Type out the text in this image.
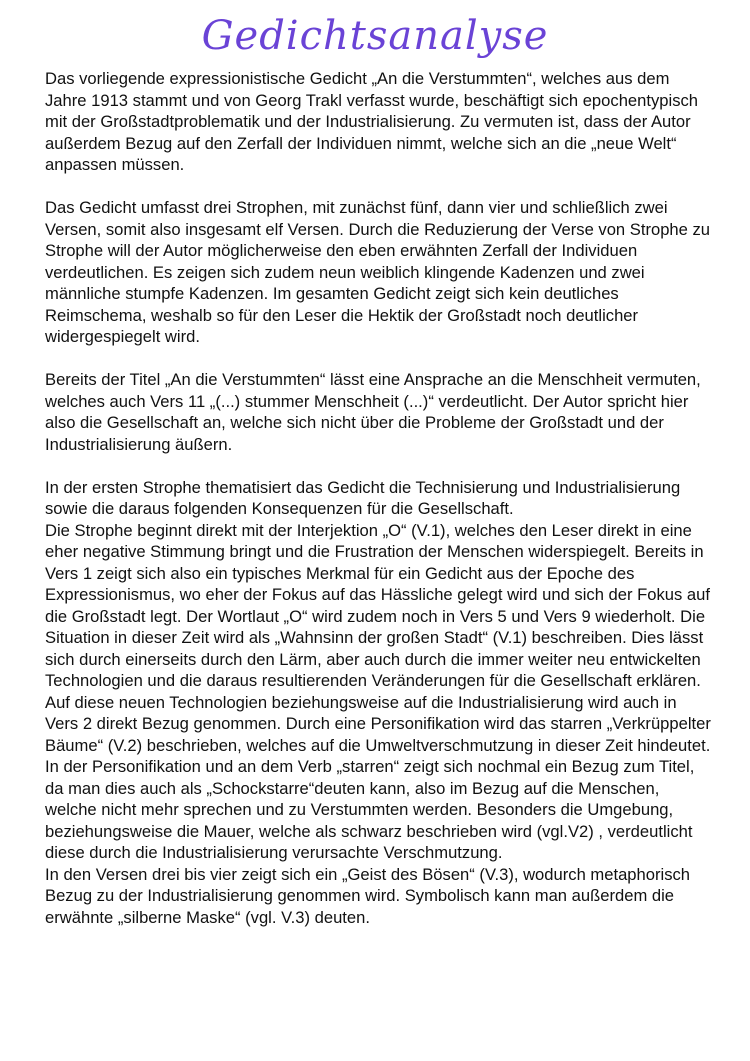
Gedichtsanalyse

Das vorliegende expressionistische Gedicht „An die Verstummten“, welches aus dem Jahre 1913 stammt und von Georg Trakl verfasst wurde, beschäftigt sich epochentypisch mit der Großstadtproblematik und der Industrialisierung. Zu vermuten ist, dass der Autor außerdem Bezug auf den Zerfall der Individuen nimmt, welche sich an die „neue Welt“ anpassen müssen.

Das Gedicht umfasst drei Strophen, mit zunächst fünf, dann vier und schließlich zwei Versen, somit also insgesamt elf Versen. Durch die Reduzierung der Verse von Strophe zu Strophe will der Autor möglicherweise den eben erwähnten Zerfall der Individuen verdeutlichen. Es zeigen sich zudem neun weiblich klingende Kadenzen und zwei männliche stumpfe Kadenzen. Im gesamten Gedicht zeigt sich kein deutliches Reimschema, weshalb so für den Leser die Hektik der Großstadt noch deutlicher widergespiegelt wird.

Bereits der Titel „An die Verstummten“ lässt eine Ansprache an die Menschheit vermuten, welches auch Vers 11 „(...) stummer Menschheit (...)“ verdeutlicht. Der Autor spricht hier also die Gesellschaft an, welche sich nicht über die Probleme der Großstadt und der Industrialisierung äußern.

In der ersten Strophe thematisiert das Gedicht die Technisierung und Industrialisierung sowie die daraus folgenden Konsequenzen für die Gesellschaft.

Die Strophe beginnt direkt mit der Interjektion „O“ (V.1), welches den Leser direkt in eine eher negative Stimmung bringt und die Frustration der Menschen widerspiegelt. Bereits in Vers 1 zeigt sich also ein typisches Merkmal für ein Gedicht aus der Epoche des Expressionismus, wo eher der Fokus auf das Hässliche gelegt wird und sich der Fokus auf die Großstadt legt. Der Wortlaut „O“ wird zudem noch in Vers 5 und Vers 9 wiederholt. Die Situation in dieser Zeit wird als „Wahnsinn der großen Stadt“ (V.1) beschreiben. Dies lässt sich durch einerseits durch den Lärm, aber auch durch die immer weiter neu entwickelten Technologien und die daraus resultierenden Veränderungen für die Gesellschaft erklären.

Auf diese neuen Technologien beziehungsweise auf die Industrialisierung wird auch in Vers 2 direkt Bezug genommen. Durch eine Personifikation wird das starren „Verkrüppelter Bäume“ (V.2) beschrieben, welches auf die Umweltverschmutzung in dieser Zeit hindeutet. In der Personifikation und an dem Verb „starren“ zeigt sich nochmal ein Bezug zum Titel, da man dies auch als „Schockstarre“deuten kann, also im Bezug auf die Menschen, welche nicht mehr sprechen und zu Verstummten werden. Besonders die Umgebung, beziehungsweise die Mauer, welche als schwarz beschrieben wird (vgl.V2) , verdeutlicht diese durch die Industrialisierung verursachte Verschmutzung.

In den Versen drei bis vier zeigt sich ein „Geist des Bösen“ (V.3), wodurch metaphorisch Bezug zu der Industrialisierung genommen wird. Symbolisch kann man außerdem die erwähnte „silberne Maske“ (vgl. V.3) deuten.
